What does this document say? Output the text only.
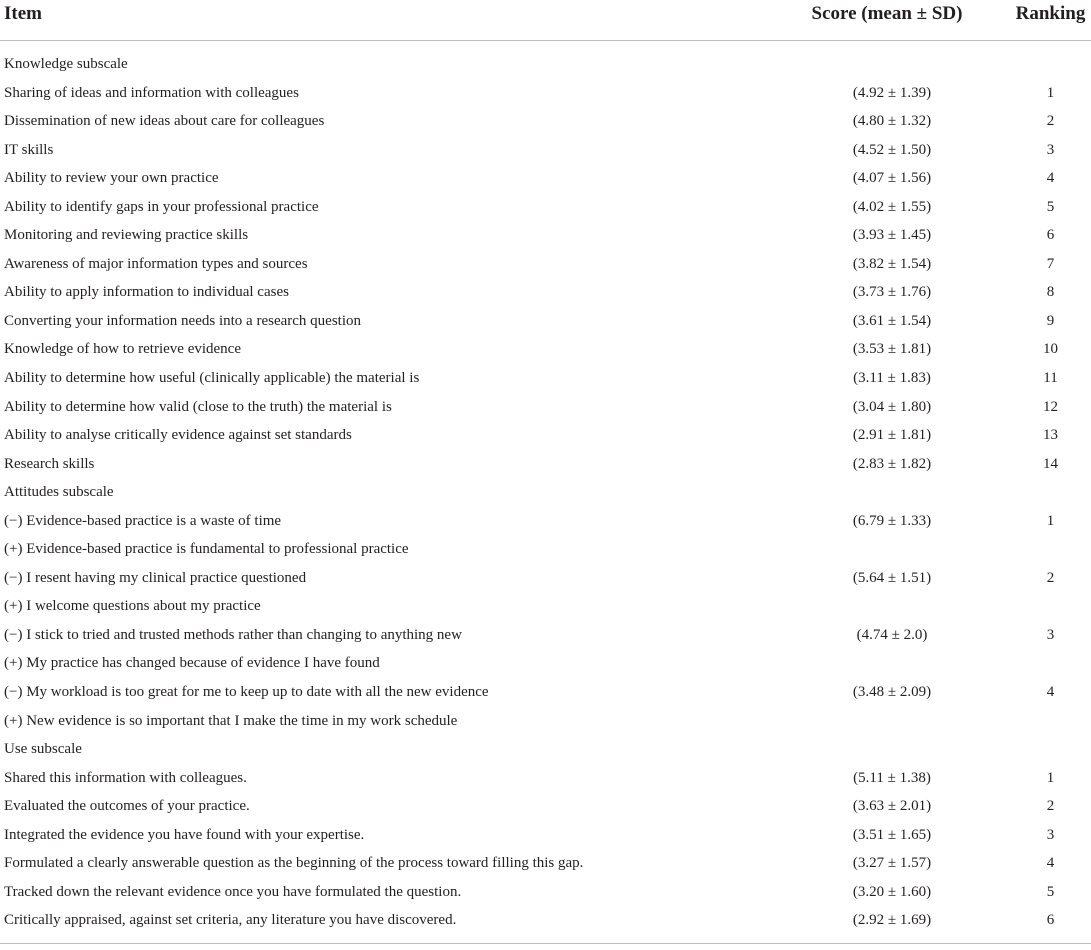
Item	Score (mean ± SD)	Ranking
Knowledge subscale
Sharing of ideas and information with colleagues	(4.92 ± 1.39)	1
Dissemination of new ideas about care for colleagues	(4.80 ± 1.32)	2
IT skills	(4.52 ± 1.50)	3
Ability to review your own practice	(4.07 ± 1.56)	4
Ability to identify gaps in your professional practice	(4.02 ± 1.55)	5
Monitoring and reviewing practice skills	(3.93 ± 1.45)	6
Awareness of major information types and sources	(3.82 ± 1.54)	7
Ability to apply information to individual cases	(3.73 ± 1.76)	8
Converting your information needs into a research question	(3.61 ± 1.54)	9
Knowledge of how to retrieve evidence	(3.53 ± 1.81)	10
Ability to determine how useful (clinically applicable) the material is	(3.11 ± 1.83)	11
Ability to determine how valid (close to the truth) the material is	(3.04 ± 1.80)	12
Ability to analyse critically evidence against set standards	(2.91 ± 1.81)	13
Research skills	(2.83 ± 1.82)	14
Attitudes subscale
(−) Evidence-based practice is a waste of time	(6.79 ± 1.33)	1
(+) Evidence-based practice is fundamental to professional practice
(−) I resent having my clinical practice questioned	(5.64 ± 1.51)	2
(+) I welcome questions about my practice
(−) I stick to tried and trusted methods rather than changing to anything new	(4.74 ± 2.0)	3
(+) My practice has changed because of evidence I have found
(−) My workload is too great for me to keep up to date with all the new evidence	(3.48 ± 2.09)	4
(+) New evidence is so important that I make the time in my work schedule
Use subscale
Shared this information with colleagues.	(5.11 ± 1.38)	1
Evaluated the outcomes of your practice.	(3.63 ± 2.01)	2
Integrated the evidence you have found with your expertise.	(3.51 ± 1.65)	3
Formulated a clearly answerable question as the beginning of the process toward filling this gap.	(3.27 ± 1.57)	4
Tracked down the relevant evidence once you have formulated the question.	(3.20 ± 1.60)	5
Critically appraised, against set criteria, any literature you have discovered.	(2.92 ± 1.69)	6
